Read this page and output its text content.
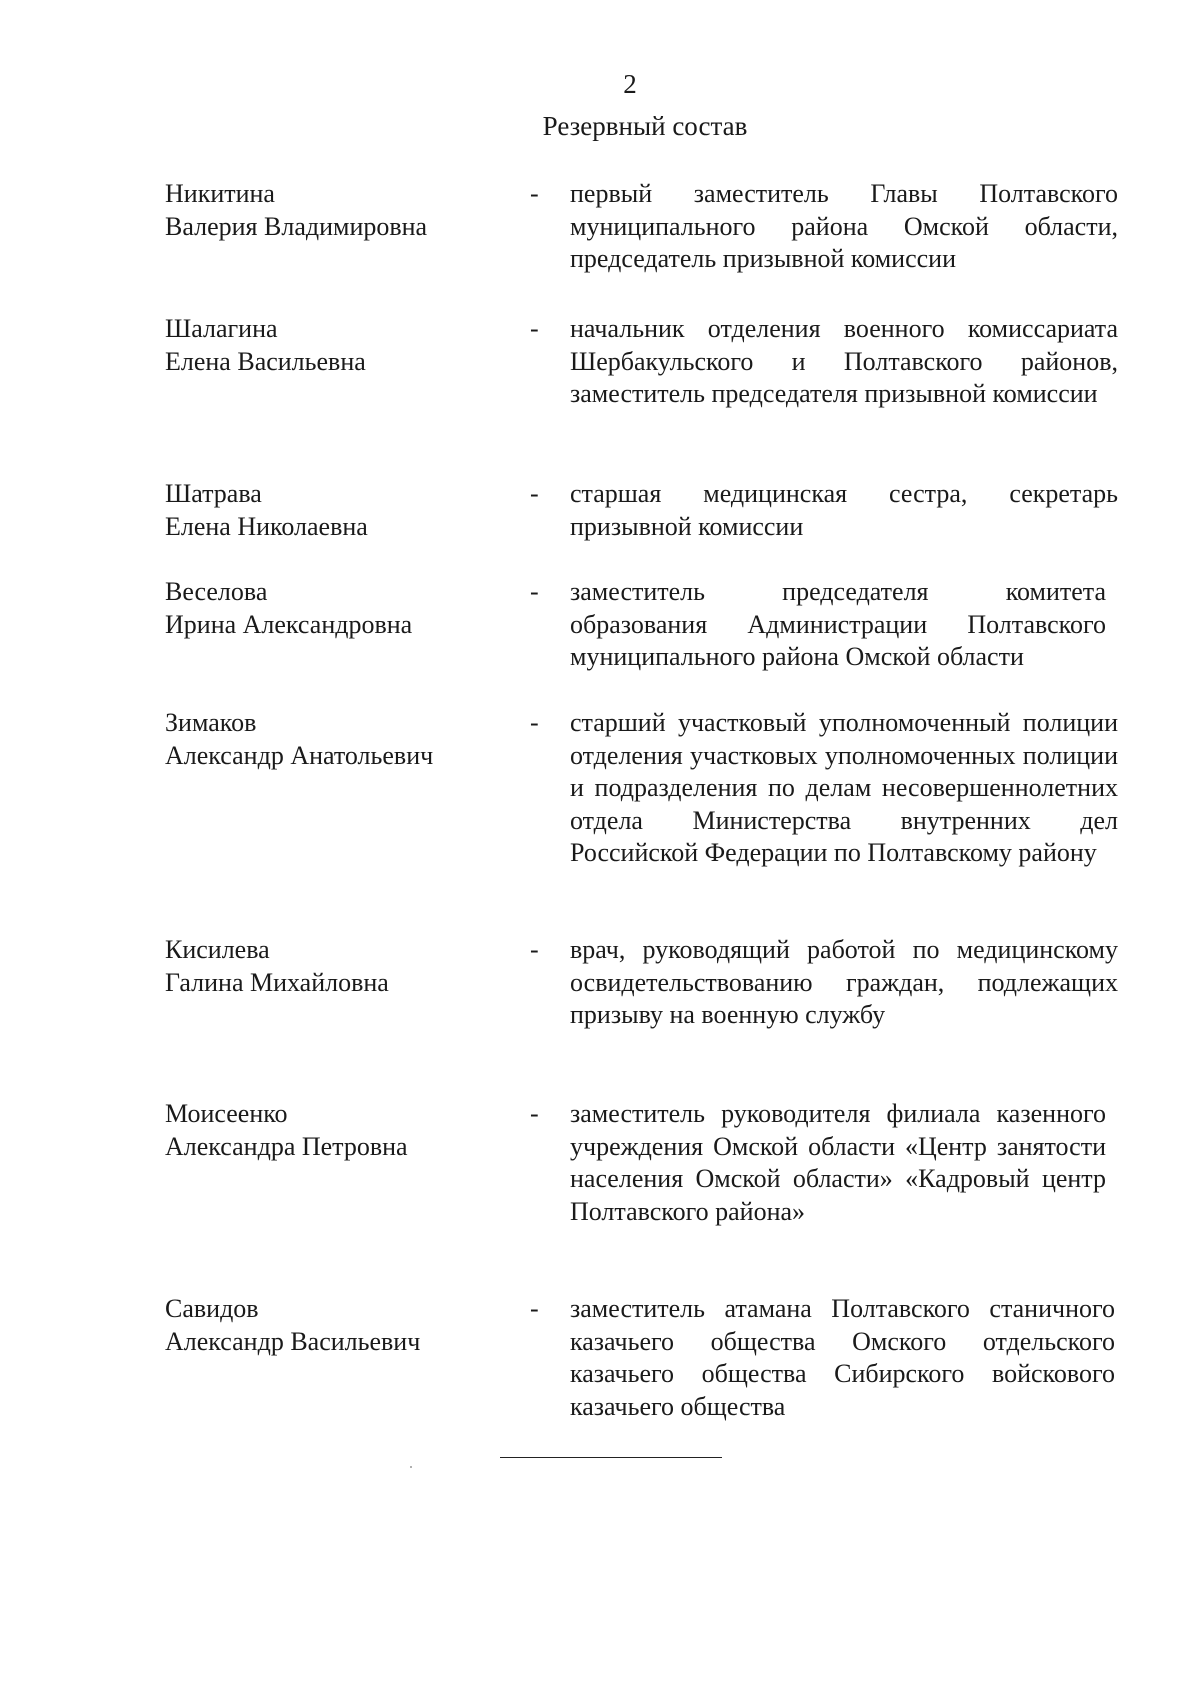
2
Резервный состав
Никитина
Валерия Владимировна
- первый заместитель Главы Полтавского муниципального района Омской области, председатель призывной комиссии
Шалагина
Елена Васильевна
- начальник отделения военного комиссариата Шербакульского и Полтавского районов, заместитель председателя призывной комиссии
Шатрава
Елена Николаевна
- старшая медицинская сестра, секретарь призывной комиссии
Веселова
Ирина Александровна
- заместитель председателя комитета образования Администрации Полтавского муниципального района Омской области
Зимаков
Александр Анатольевич
- старший участковый уполномоченный полиции отделения участковых уполномоченных полиции и подразделения по делам несовершеннолетних отдела Министерства внутренних дел Российской Федерации по Полтавскому району
Кисилева
Галина Михайловна
- врач, руководящий работой по медицинскому освидетельствованию граждан, подлежащих призыву на военную службу
Моисеенко
Александра Петровна
- заместитель руководителя филиала казенного учреждения Омской области «Центр занятости населения Омской области» «Кадровый центр Полтавского района»
Савидов
Александр Васильевич
- заместитель атамана Полтавского станичного казачьего общества Омского отдельского казачьего общества Сибирского войскового казачьего общества
